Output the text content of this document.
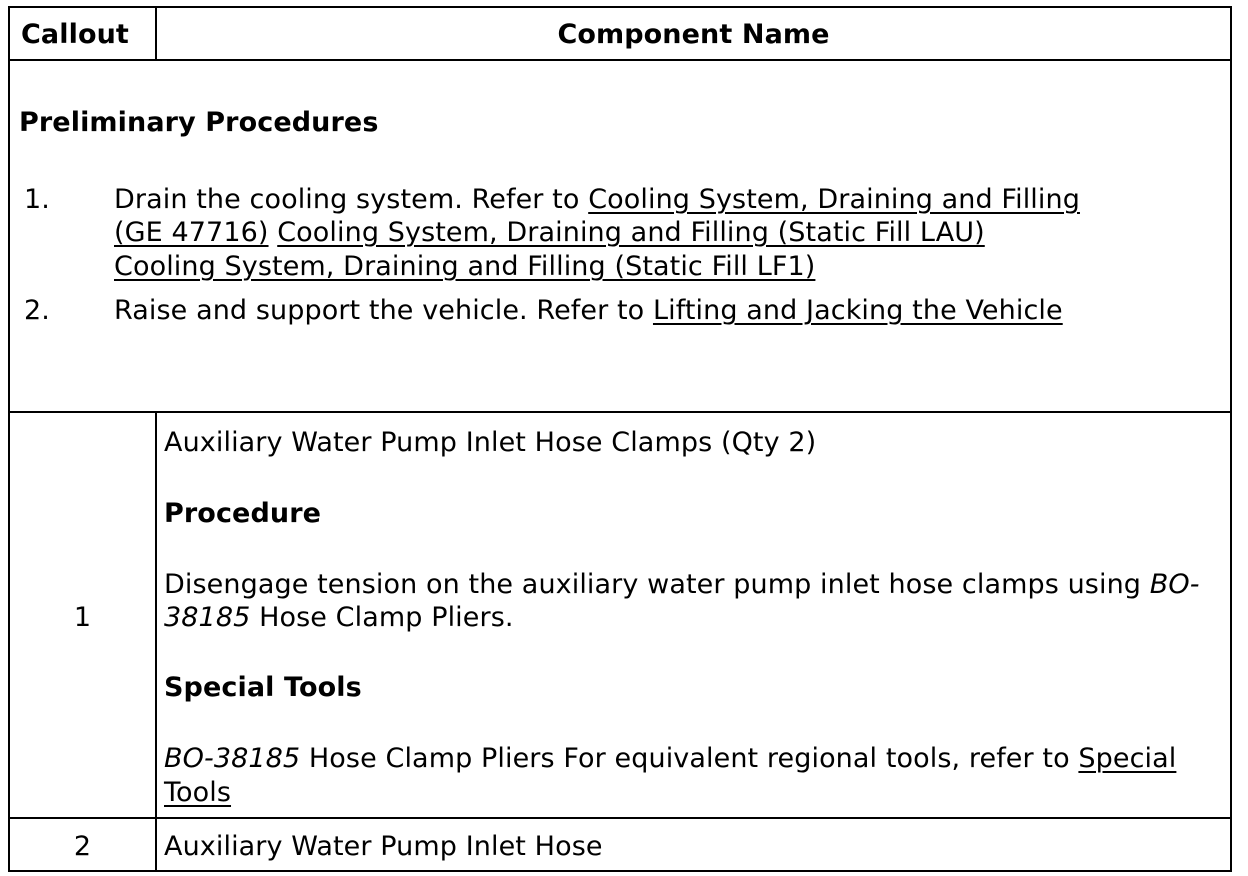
Callout	Component Name
Preliminary Procedures
1. Drain the cooling system. Refer to Cooling System, Draining and Filling
(GE 47716) Cooling System, Draining and Filling (Static Fill LAU)
Cooling System, Draining and Filling (Static Fill LF1)
2. Raise and support the vehicle. Refer to Lifting and Jacking the Vehicle
1
Auxiliary Water Pump Inlet Hose Clamps (Qty 2)
Procedure
Disengage tension on the auxiliary water pump inlet hose clamps using BO-
38185 Hose Clamp Pliers.
Special Tools
BO-38185 Hose Clamp Pliers For equivalent regional tools, refer to Special
Tools
2	Auxiliary Water Pump Inlet Hose
